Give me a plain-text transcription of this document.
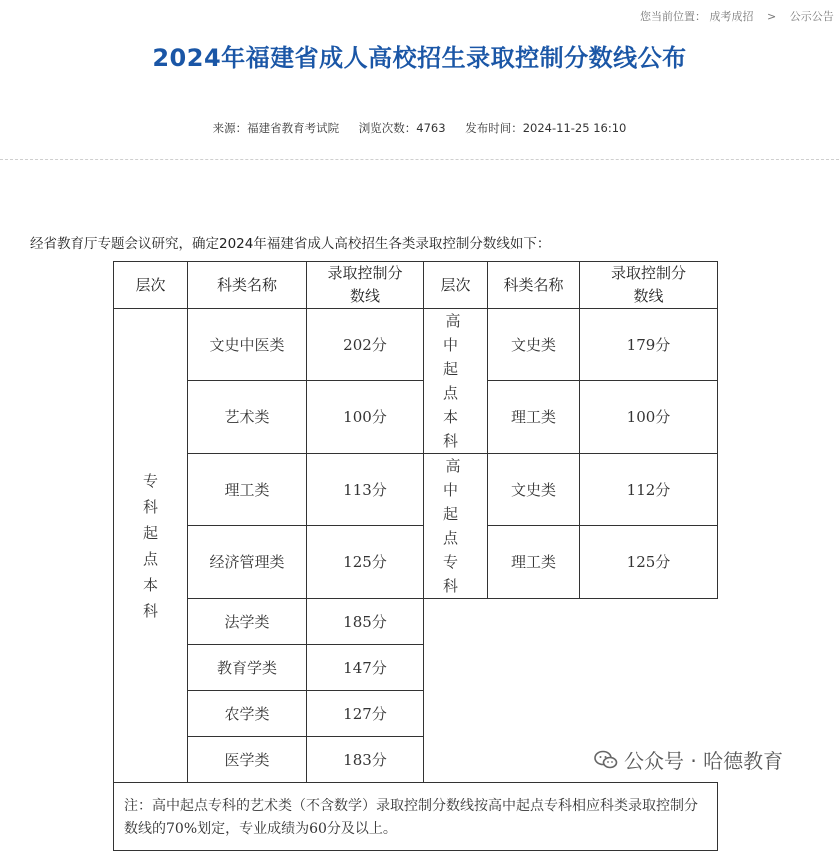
您当前位置： 成考成招 > 公示公告
2024年福建省成人高校招生录取控制分数线公布
来源：福建省教育考试院 浏览次数：4763 发布时间：2024-11-25 16:10
经省教育厅专题会议研究，确定2024年福建省成人高校招生各类录取控制分数线如下：
层次	科类名称	录取控制分数线	层次	科类名称	录取控制分数线

专科起点本科	文史中医类	202分	高中起点本科	文史类	179分
	艺术类	100分		理工类	100分
	理工类	113分	高中起点专科	文史类	112分
	经济管理类	125分		理工类	125分
	法学类	185分			
	教育学类	147分			
	农学类	127分			
	医学类	183分			
注：高中起点专科的艺术类（不含数学）录取控制分数线按高中起点专科相应科类录取控制分数线的70%划定，专业成绩为60分及以上。					
公众号 · 哈德教育
